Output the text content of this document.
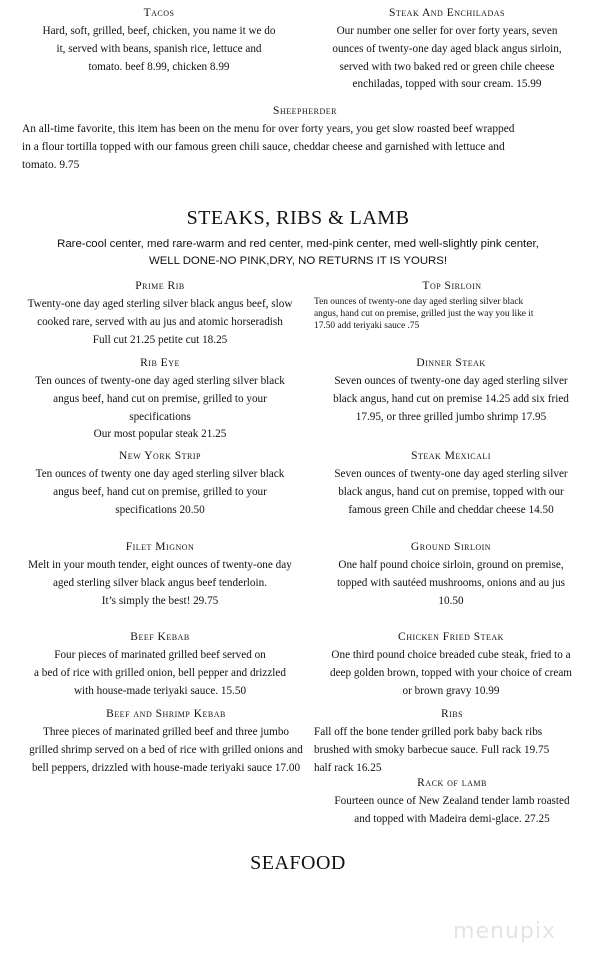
Tacos
Hard, soft, grilled, beef, chicken, you name it we do
it, served with beans, spanish rice, lettuce and
tomato. beef 8.99, chicken 8.99
Steak And Enchiladas
Our number one seller for over forty years, seven
ounces of twenty-one day aged black angus sirloin,
served with two baked red or green chile cheese
enchiladas, topped with sour cream. 15.99
Sheepherder
An all-time favorite, this item has been on the menu for over forty years, you get slow roasted beef wrapped
in a flour tortilla topped with our famous green chili sauce, cheddar cheese and garnished with lettuce and
tomato. 9.75
STEAKS, RIBS & LAMB
Rare-cool center, med rare-warm and red center, med-pink center, med well-slightly pink center,
WELL DONE-NO PINK,DRY, NO RETURNS IT IS YOURS!
Prime Rib
Twenty-one day aged sterling silver black angus beef, slow
cooked rare, served with au jus and atomic horseradish
Full cut 21.25 petite cut 18.25
Top Sirloin
Ten ounces of twenty-one day aged sterling silver black
angus, hand cut on premise, grilled just the way you like it
17.50 add teriyaki sauce .75
Rib Eye
Ten ounces of twenty-one day aged sterling silver black
angus beef, hand cut on premise, grilled to your
specifications
Our most popular steak 21.25
Dinner Steak
Seven ounces of twenty-one day aged sterling silver
black angus, hand cut on premise 14.25 add six fried
17.95, or three grilled jumbo shrimp 17.95
New York Strip
Ten ounces of twenty one day aged sterling silver black
angus beef, hand cut on premise, grilled to your
specifications 20.50
Steak Mexicali
Seven ounces of twenty-one day aged sterling silver
black angus, hand cut on premise, topped with our
famous green Chile and cheddar cheese 14.50
Filet Mignon
Melt in your mouth tender, eight ounces of twenty-one day
aged sterling silver black angus beef tenderloin.
It’s simply the best! 29.75
Ground Sirloin
One half pound choice sirloin, ground on premise,
topped with sautéed mushrooms, onions and au jus
10.50
Beef Kebab
Four pieces of marinated grilled beef served on
a bed of rice with grilled onion, bell pepper and drizzled
with house-made teriyaki sauce. 15.50
Chicken Fried Steak
One third pound choice breaded cube steak, fried to a
deep golden brown, topped with your choice of cream
or brown gravy 10.99
Beef and Shrimp Kebab
Three pieces of marinated grilled beef and three jumbo
grilled shrimp served on a bed of rice with grilled onions and
bell peppers, drizzled with house-made teriyaki sauce 17.00
Ribs
Fall off the bone tender grilled pork baby back ribs
brushed with smoky barbecue sauce. Full rack 19.75
half rack 16.25
Rack of lamb
Fourteen ounce of New Zealand tender lamb roasted
and topped with Madeira demi-glace. 27.25
SEAFOOD
menupix
